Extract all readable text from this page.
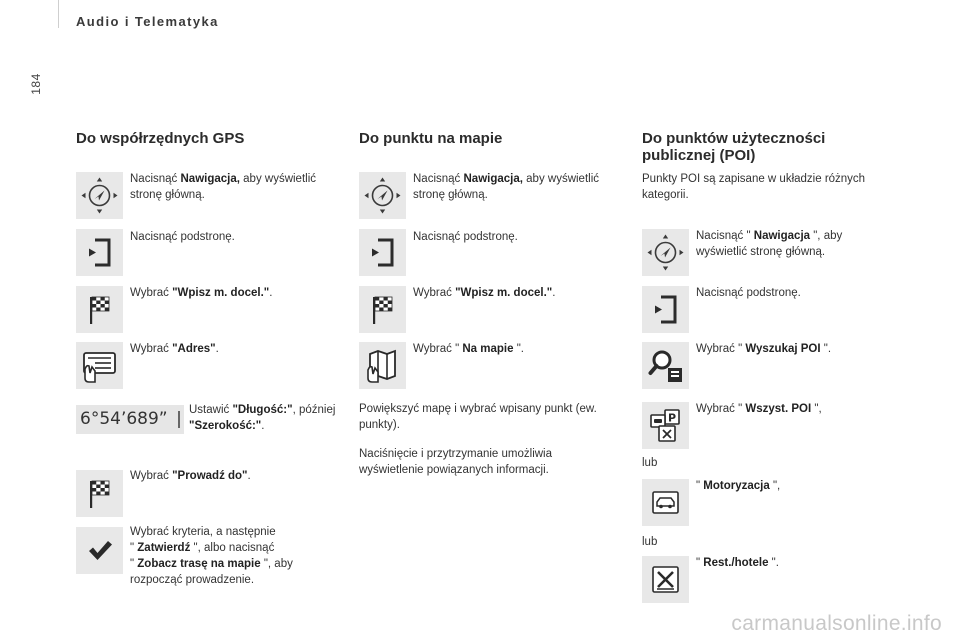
Audio i Telematyka
184
Do współrzędnych GPS
Nacisnąć Nawigacja, aby wyświetlić stronę główną.
Nacisnąć podstronę.
Wybrać "Wpisz m. docel.".
Wybrać "Adres".
6°54’689”	Ustawić "Długość:", później "Szerokość:".
Wybrać "Prowadź do".
Wybrać kryteria, a następnie
" Zatwierdź ", albo nacisnąć
" Zobacz trasę na mapie ", aby
rozpocząć prowadzenie.
Do punktu na mapie
Nacisnąć Nawigacja, aby wyświetlić stronę główną.
Nacisnąć podstronę.
Wybrać "Wpisz m. docel.".
Wybrać " Na mapie ".
Powiększyć mapę i wybrać wpisany punkt (ew. punkty).
Naciśnięcie i przytrzymanie umożliwia wyświetlenie powiązanych informacji.
Do punktów użyteczności
publicznej (POI)
Punkty POI są zapisane w układzie różnych kategorii.
Nacisnąć " Nawigacja ", aby wyświetlić stronę główną.
Nacisnąć podstronę.
Wybrać " Wyszukaj POI ".
Wybrać " Wszyst. POI ",
lub
" Motoryzacja ",
lub
" Rest./hotele ".
carmanualsonline.info
